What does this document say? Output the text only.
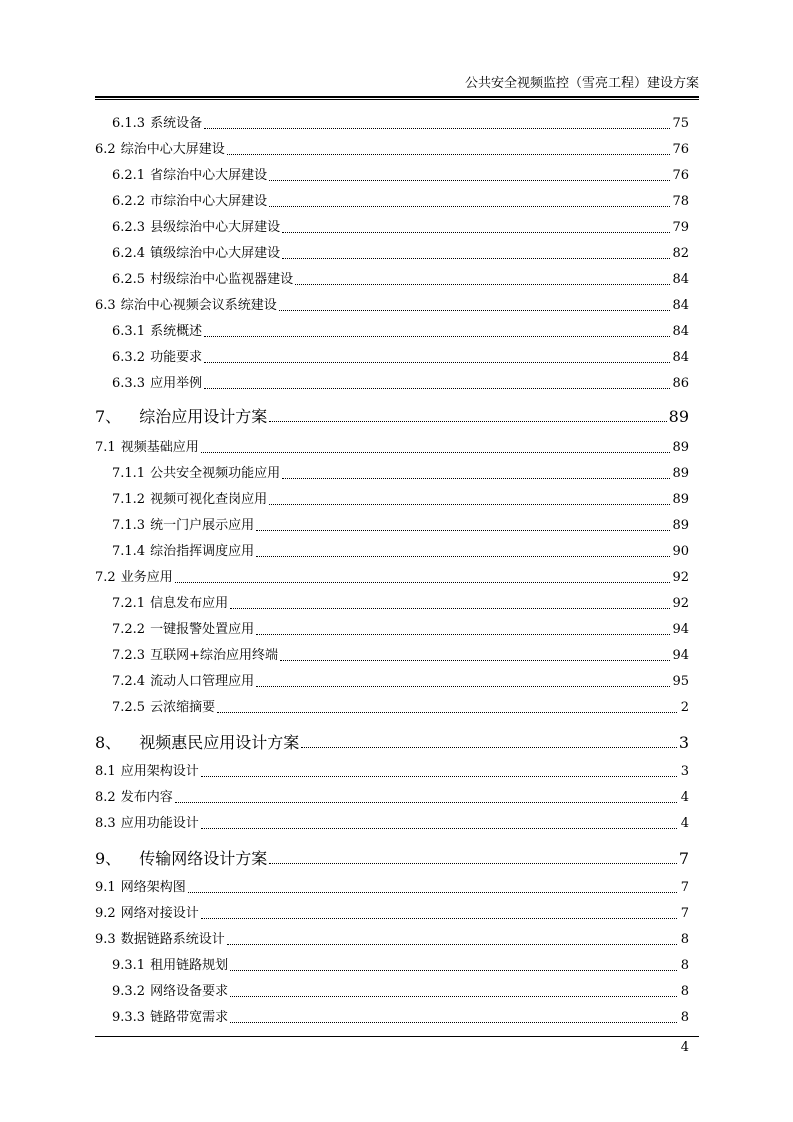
公共安全视频监控（雪亮工程）建设方案
6.1.3 系统设备	75
6.2 综治中心大屏建设	76
6.2.1 省综治中心大屏建设	76
6.2.2 市综治中心大屏建设	78
6.2.3 县级综治中心大屏建设	79
6.2.4 镇级综治中心大屏建设	82
6.2.5 村级综治中心监视器建设	84
6.3 综治中心视频会议系统建设	84
6.3.1 系统概述	84
6.3.2 功能要求	84
6.3.3 应用举例	86
7、 综治应用设计方案	89
7.1 视频基础应用	89
7.1.1 公共安全视频功能应用	89
7.1.2 视频可视化查岗应用	89
7.1.3 统一门户展示应用	89
7.1.4 综治指挥调度应用	90
7.2 业务应用	92
7.2.1 信息发布应用	92
7.2.2 一键报警处置应用	94
7.2.3 互联网+综治应用终端	94
7.2.4 流动人口管理应用	95
7.2.5 云浓缩摘要	2
8、 视频惠民应用设计方案	3
8.1 应用架构设计	3
8.2 发布内容	4
8.3 应用功能设计	4
9、 传输网络设计方案	7
9.1 网络架构图	7
9.2 网络对接设计	7
9.3 数据链路系统设计	8
9.3.1 租用链路规划	8
9.3.2 网络设备要求	8
9.3.3 链路带宽需求	8
4
